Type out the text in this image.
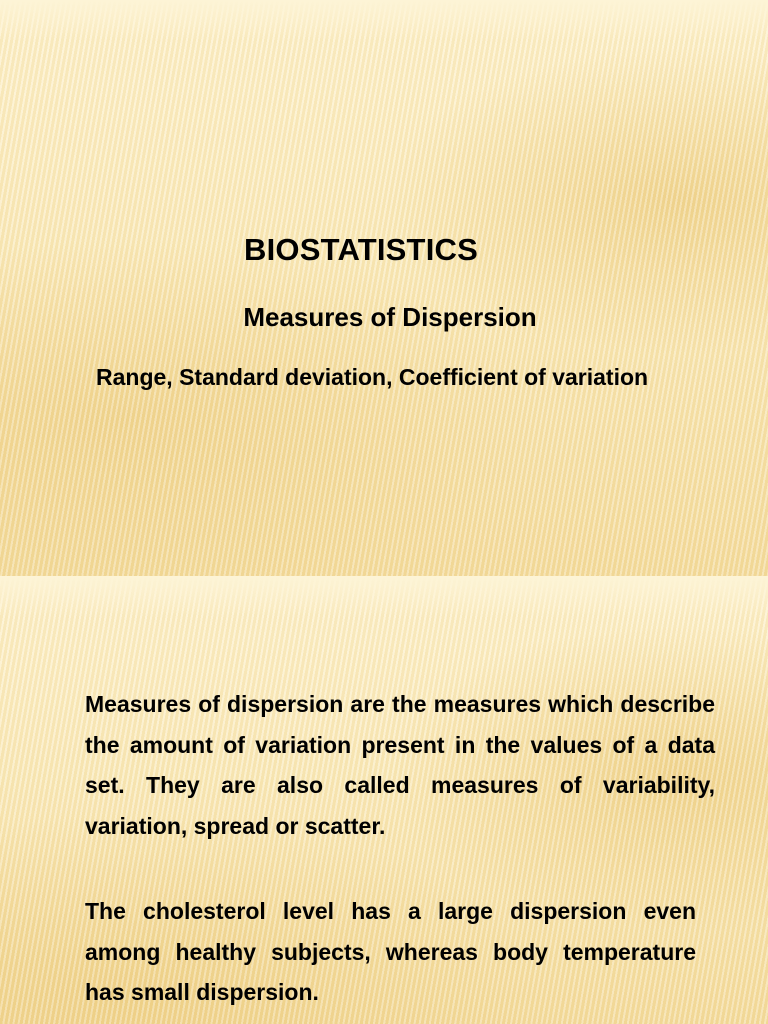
BIOSTATISTICS
Measures of Dispersion
Range, Standard deviation, Coefficient of variation

Measures of dispersion are the measures which describe the amount of variation present in the values of a data set. They are also called measures of variability, variation, spread or scatter.

The cholesterol level has a large dispersion even among healthy subjects, whereas body temperature has small dispersion.
